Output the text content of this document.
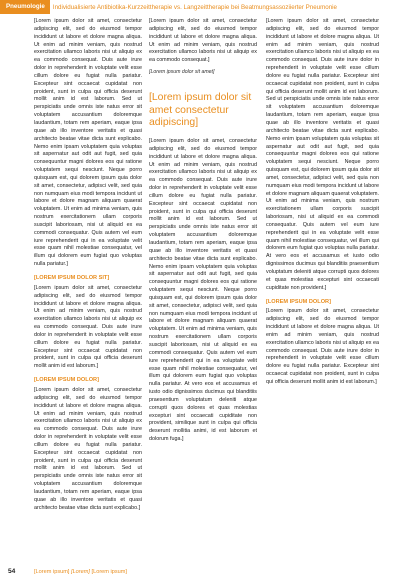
Pneumologie	Individualisierte Antibiotika-Kurzzeittherapie vs. Langzeittherapie bei Beatmungsassoziierter Pneumonie

[Lorem ipsum dolor sit amet, consectetur adipiscing elit, sed do eiusmod tempor incididunt ut labore et dolore magna aliqua. Ut enim ad minim veniam, quis nostrud exercitation ullamco laboris nisi ut aliquip ex ea commodo consequat. Duis aute irure dolor in reprehenderit in voluptate velit esse cillum dolore eu fugiat nulla pariatur. Excepteur sint occaecat cupidatat non proident, sunt in culpa qui officia deserunt mollit anim id est laborum. Sed ut perspiciatis unde omnis iste natus error sit voluptatem accusantium doloremque laudantium, totam rem aperiam, eaque ipsa quae ab illo inventore veritatis et quasi architecto beatae vitae dicta sunt explicabo. Nemo enim ipsam voluptatem quia voluptas sit aspernatur aut odit aut fugit, sed quia consequuntur magni dolores eos qui ratione voluptatem sequi nesciunt. Neque porro quisquam est, qui dolorem ipsum quia dolor sit amet, consectetur, adipisci velit, sed quia non numquam eius modi tempora incidunt ut labore et dolore magnam aliquam quaerat voluptatem. Ut enim ad minima veniam, quis nostrum exercitationem ullam corporis suscipit laboriosam, nisi ut aliquid ex ea commodi consequatur. Quis autem vel eum iure reprehenderit qui in ea voluptate velit esse quam nihil molestiae consequatur, vel illum qui dolorem eum fugiat quo voluptas nulla pariatur.]

[LOREM IPSUM DOLOR SIT]

[Lorem ipsum dolor sit amet, consectetur adipiscing elit, sed do eiusmod tempor incididunt ut labore et dolore magna aliqua. Ut enim ad minim veniam, quis nostrud exercitation ullamco laboris nisi ut aliquip ex ea commodo consequat. Duis aute irure dolor in reprehenderit in voluptate velit esse cillum dolore eu fugiat nulla pariatur. Excepteur sint occaecat cupidatat non proident, sunt in culpa qui officia deserunt mollit anim id est laborum.]

[LOREM IPSUM DOLOR]

[Lorem ipsum dolor sit amet, consectetur adipiscing elit, sed do eiusmod tempor incididunt ut labore et dolore magna aliqua. Ut enim ad minim veniam, quis nostrud exercitation ullamco laboris nisi ut aliquip ex ea commodo consequat. Duis aute irure dolor in reprehenderit in voluptate velit esse cillum dolore eu fugiat nulla pariatur. Excepteur sint occaecat cupidatat non proident, sunt in culpa qui officia deserunt mollit anim id est laborum. Sed ut perspiciatis unde omnis iste natus error sit voluptatem accusantium doloremque laudantium, totam rem aperiam, eaque ipsa quae ab illo inventore veritatis et quasi architecto beatae vitae dicta sunt explicabo.]

[Lorem ipsum dolor sit amet, consectetur adipiscing elit, sed do eiusmod tempor incididunt ut labore et dolore magna aliqua. Ut enim ad minim veniam, quis nostrud exercitation ullamco laboris nisi ut aliquip ex ea commodo consequat.]

[Lorem ipsum dolor sit amet]

[Lorem ipsum dolor sit amet consectetur adipiscing]

[Lorem ipsum dolor sit amet, consectetur adipiscing elit, sed do eiusmod tempor incididunt ut labore et dolore magna aliqua. Ut enim ad minim veniam, quis nostrud exercitation ullamco laboris nisi ut aliquip ex ea commodo consequat. Duis aute irure dolor in reprehenderit in voluptate velit esse cillum dolore eu fugiat nulla pariatur. Excepteur sint occaecat cupidatat non proident, sunt in culpa qui officia deserunt mollit anim id est laborum. Sed ut perspiciatis unde omnis iste natus error sit voluptatem accusantium doloremque laudantium, totam rem aperiam, eaque ipsa quae ab illo inventore veritatis et quasi architecto beatae vitae dicta sunt explicabo. Nemo enim ipsam voluptatem quia voluptas sit aspernatur aut odit aut fugit, sed quia consequuntur magni dolores eos qui ratione voluptatem sequi nesciunt. Neque porro quisquam est, qui dolorem ipsum quia dolor sit amet, consectetur, adipisci velit, sed quia non numquam eius modi tempora incidunt ut labore et dolore magnam aliquam quaerat voluptatem. Ut enim ad minima veniam, quis nostrum exercitationem ullam corporis suscipit laboriosam, nisi ut aliquid ex ea commodi consequatur. Quis autem vel eum iure reprehenderit qui in ea voluptate velit esse quam nihil molestiae consequatur, vel illum qui dolorem eum fugiat quo voluptas nulla pariatur. At vero eos et accusamus et iusto odio dignissimos ducimus qui blanditiis praesentium voluptatum deleniti atque corrupti quos dolores et quas molestias excepturi sint occaecati cupiditate non provident, similique sunt in culpa qui officia deserunt mollitia animi, id est laborum et dolorum fuga.]

[Lorem ipsum dolor sit amet, consectetur adipiscing elit, sed do eiusmod tempor incididunt ut labore et dolore magna aliqua. Ut enim ad minim veniam, quis nostrud exercitation ullamco laboris nisi ut aliquip ex ea commodo consequat. Duis aute irure dolor in reprehenderit in voluptate velit esse cillum dolore eu fugiat nulla pariatur. Excepteur sint occaecat cupidatat non proident, sunt in culpa qui officia deserunt mollit anim id est laborum. Sed ut perspiciatis unde omnis iste natus error sit voluptatem accusantium doloremque laudantium, totam rem aperiam, eaque ipsa quae ab illo inventore veritatis et quasi architecto beatae vitae dicta sunt explicabo. Nemo enim ipsam voluptatem quia voluptas sit aspernatur aut odit aut fugit, sed quia consequuntur magni dolores eos qui ratione voluptatem sequi nesciunt. Neque porro quisquam est, qui dolorem ipsum quia dolor sit amet, consectetur, adipisci velit, sed quia non numquam eius modi tempora incidunt ut labore et dolore magnam aliquam quaerat voluptatem. Ut enim ad minima veniam, quis nostrum exercitationem ullam corporis suscipit laboriosam, nisi ut aliquid ex ea commodi consequatur. Quis autem vel eum iure reprehenderit qui in ea voluptate velit esse quam nihil molestiae consequatur, vel illum qui dolorem eum fugiat quo voluptas nulla pariatur. At vero eos et accusamus et iusto odio dignissimos ducimus qui blanditiis praesentium voluptatum deleniti atque corrupti quos dolores et quas molestias excepturi sint occaecati cupiditate non provident.]

[LOREM IPSUM DOLOR]

[Lorem ipsum dolor sit amet, consectetur adipiscing elit, sed do eiusmod tempor incididunt ut labore et dolore magna aliqua. Ut enim ad minim veniam, quis nostrud exercitation ullamco laboris nisi ut aliquip ex ea commodo consequat. Duis aute irure dolor in reprehenderit in voluptate velit esse cillum dolore eu fugiat nulla pariatur. Excepteur sint occaecat cupidatat non proident, sunt in culpa qui officia deserunt mollit anim id est laborum.]

54	[Lorem ipsum] [Lorem] [Lorem ipsum]
